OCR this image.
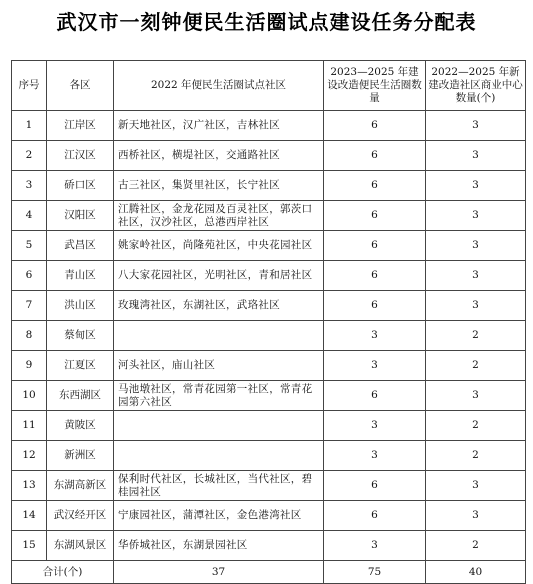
武汉市一刻钟便民生活圈试点建设任务分配表
序号	各区	2022 年便民生活圈试点社区	2023—2025 年建设改造便民生活圈数量	2022—2025 年新建改造社区商业中心数量(个)
1	江岸区	新天地社区，汉广社区，吉林社区	6	3
2	江汉区	西桥社区，横堤社区，交通路社区	6	3
3	硚口区	古三社区，集贤里社区，长宁社区	6	3
4	汉阳区	江腾社区，金龙花园及百灵社区，郭茨口社区，汉沙社区，总港西岸社区	6	3
5	武昌区	姚家岭社区，尚隆苑社区，中央花园社区	6	3
6	青山区	八大家花园社区，光明社区，青和居社区	6	3
7	洪山区	玫瑰湾社区，东湖社区，武珞社区	6	3
8	蔡甸区		3	2
9	江夏区	河头社区，庙山社区	3	2
10	东西湖区	马池墩社区，常青花园第一社区，常青花园第六社区	6	3
11	黄陂区		3	2
12	新洲区		3	2
13	东湖高新区	保利时代社区，长城社区，当代社区，碧桂园社区	6	3
14	武汉经开区	宁康园社区，蒲潭社区，金色港湾社区	6	3
15	东湖风景区	华侨城社区，东湖景园社区	3	2
合计(个)		37	75	40
